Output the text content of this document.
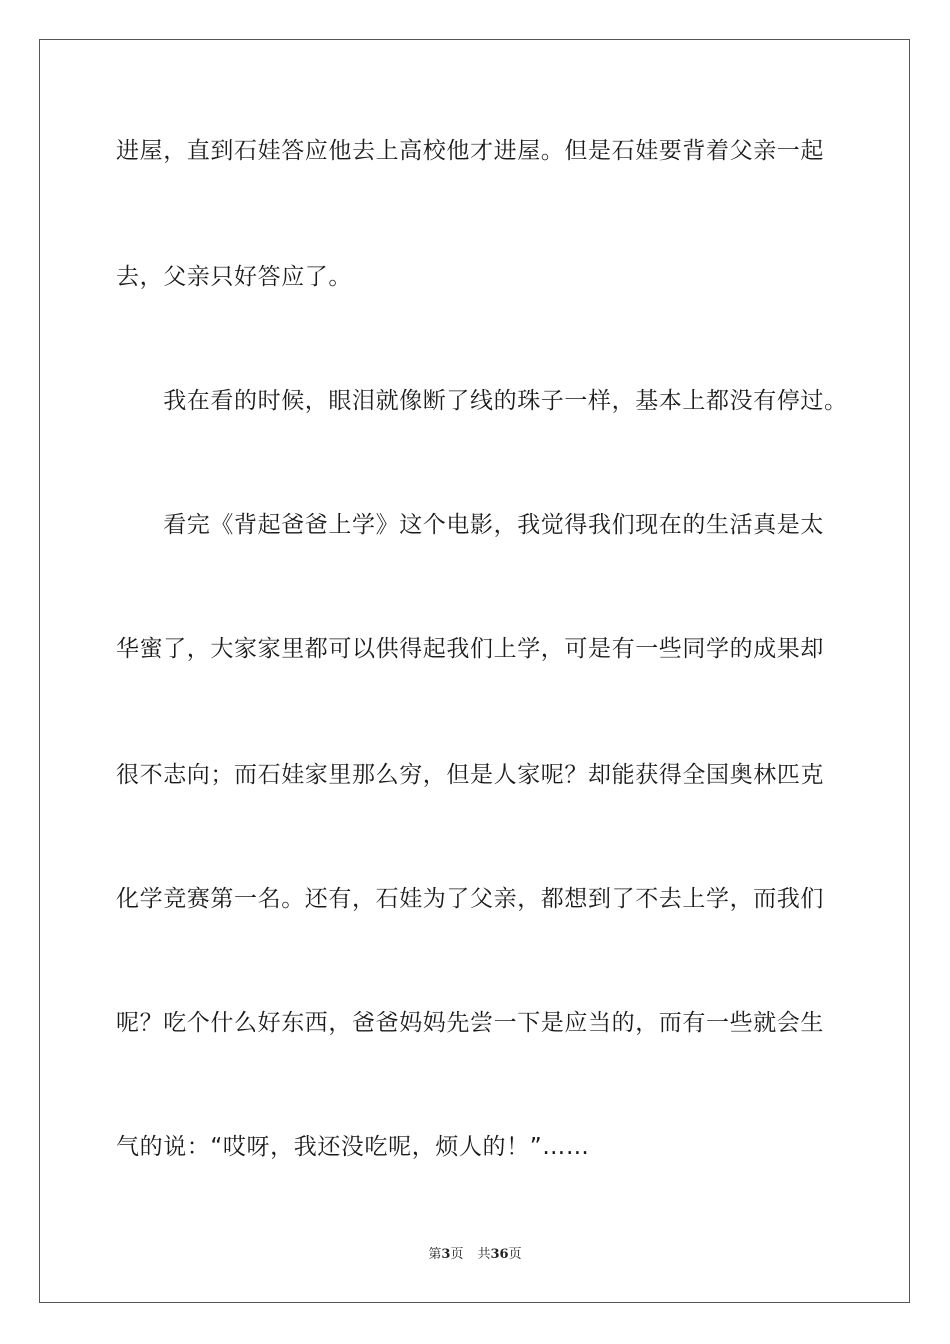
进屋，直到石娃答应他去上高校他才进屋。但是石娃要背着父亲一起
去，父亲只好答应了。
　　我在看的时候，眼泪就像断了线的珠子一样，基本上都没有停过。
　　看完《背起爸爸上学》这个电影，我觉得我们现在的生活真是太
华蜜了，大家家里都可以供得起我们上学，可是有一些同学的成果却
很不志向；而石娃家里那么穷，但是人家呢？却能获得全国奥林匹克
化学竞赛第一名。还有，石娃为了父亲，都想到了不去上学，而我们
呢？吃个什么好东西，爸爸妈妈先尝一下是应当的，而有一些就会生
气的说：“哎呀，我还没吃呢，烦人的！”……
第3页 共36页
